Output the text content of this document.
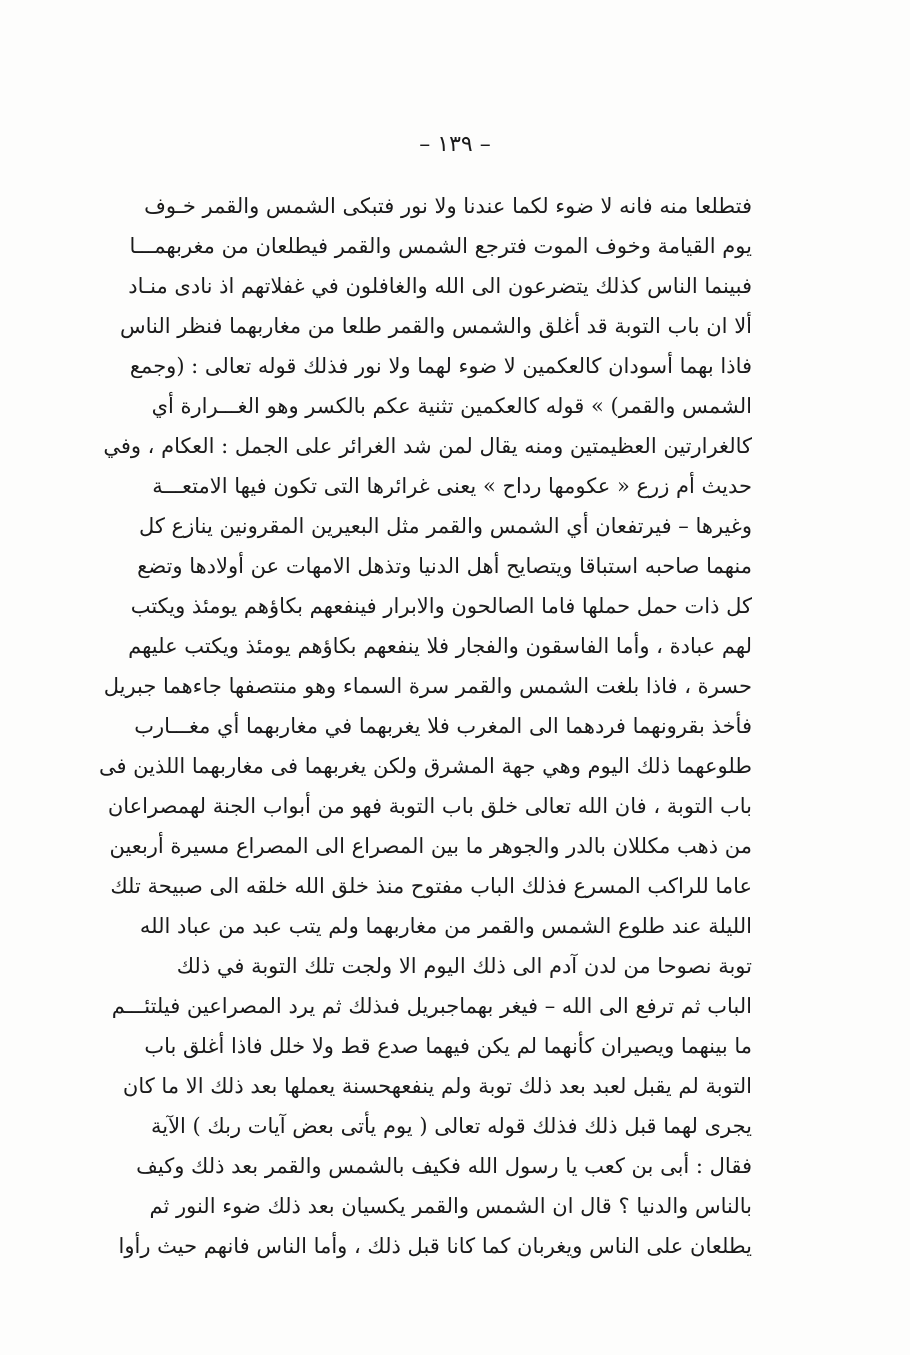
– ١٣٩ –
فتطلعا منه فانه لا ضوء لكما عندنا ولا نور فتبكى الشمس والقمر خـوف
يوم القيامة وخوف الموت فترجع الشمس والقمر فيطلعان من مغربهمـــا
فبينما الناس كذلك يتضرعون الى الله والغافلون في غفلاتهم اذ نادى منـاد
ألا ان باب التوبة قد أغلق والشمس والقمر طلعا من مغاربهما فنظر الناس
فاذا بهما أسودان كالعكمين لا ضوء لهما ولا نور فذلك قوله تعالى : (وجمع
الشمس والقمر) » قوله كالعكمين تثنية عكم بالكسر وهو الغـــرارة أي
كالغرارتين العظيمتين ومنه يقال لمن شد الغرائر على الجمل : العكام ، وفي
حديث أم زرع « عكومها رداح » يعنى غرائرها التى تكون فيها الامتعـــة
وغيرها – فيرتفعان أي الشمس والقمر مثل البعيرين المقرونين ينازع كل
منهما صاحبه استباقا ويتصايح أهل الدنيا وتذهل الامهات عن أولادها وتضع
كل ذات حمل حملها فاما الصالحون والابرار فينفعهم بكاؤهم يومئذ ويكتب
لهم عبادة ، وأما الفاسقون والفجار فلا ينفعهم بكاؤهم يومئذ ويكتب عليهم
حسرة ، فاذا بلغت الشمس والقمر سرة السماء وهو منتصفها جاءهما جبريل
فأخذ بقرونهما فردهما الى المغرب فلا يغربهما في مغاربهما أي مغـــارب
طلوعهما ذلك اليوم وهي جهة المشرق ولكن يغربهما فى مغاربهما اللذين فى
باب التوبة ، فان الله تعالى خلق باب التوبة فهو من أبواب الجنة لهمصراعان
من ذهب مكللان بالدر والجوهر ما بين المصراع الى المصراع مسيرة أربعين
عاما للراكب المسرع فذلك الباب مفتوح منذ خلق الله خلقه الى صبيحة تلك
الليلة عند طلوع الشمس والقمر من مغاربهما ولم يتب عبد من عباد الله
توبة نصوحا من لدن آدم الى ذلك اليوم الا ولجت تلك التوبة في ذلك
الباب ثم ترفع الى الله – فيغر بهماجبريل فىذلك ثم يرد المصراعين فيلتئـــم
ما بينهما ويصيران كأنهما لم يكن فيهما صدع قط ولا خلل فاذا أغلق باب
التوبة لم يقبل لعبد بعد ذلك توبة ولم ينفعهحسنة يعملها بعد ذلك الا ما كان
يجرى لهما قبل ذلك فذلك قوله تعالى ( يوم يأتى بعض آيات ربك ) الآية
فقال : أبى بن كعب يا رسول الله فكيف بالشمس والقمر بعد ذلك وكيف
بالناس والدنيا ؟ قال ان الشمس والقمر يكسيان بعد ذلك ضوء النور ثم
يطلعان على الناس ويغربان كما كانا قبل ذلك ، وأما الناس فانهم حيث رأوا
